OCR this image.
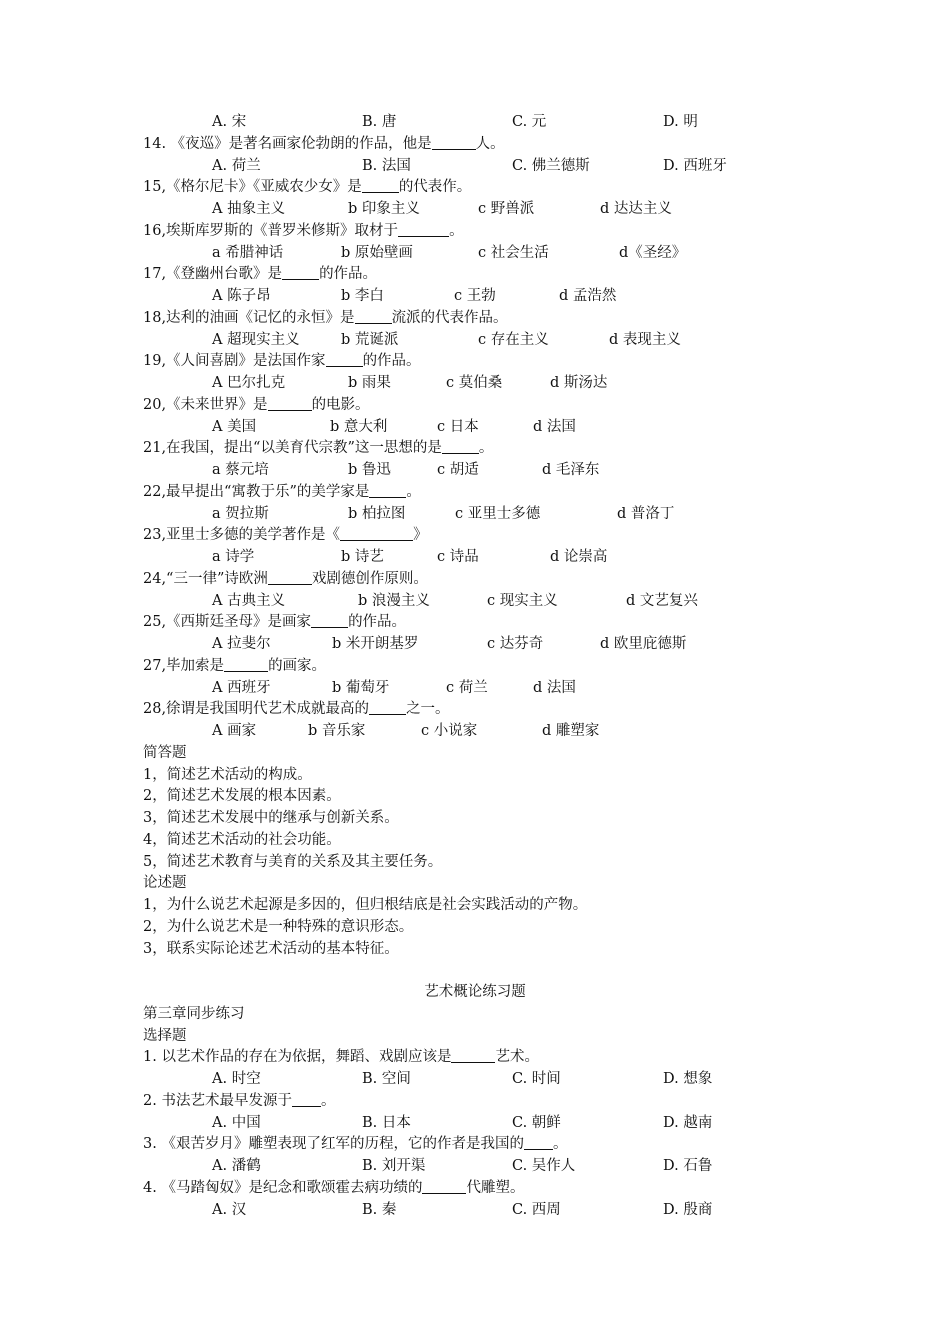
A. 宋	B. 唐	C. 元	D. 明
14. 《夜巡》是著名画家伦勃朗的作品，他是	人。
A. 荷兰	B. 法国	C. 佛兰德斯	D. 西班牙
15,《格尔尼卡》《亚威农少女》是	的代表作。
A 抽象主义	b 印象主义	c 野兽派	d 达达主义
16,埃斯库罗斯的《普罗米修斯》取材于	。
a 希腊神话	b 原始壁画	c 社会生活	d《圣经》
17,《登幽州台歌》是	的作品。
A 陈子昂	b 李白	c 王勃	d 孟浩然
18,达利的油画《记忆的永恒》是	流派的代表作品。
A 超现实主义	b 荒诞派	c 存在主义	d 表现主义
19,《人间喜剧》是法国作家	的作品。
A 巴尔扎克	b 雨果	c 莫伯桑	d 斯汤达
20,《未来世界》是	的电影。
A 美国	b 意大利	c 日本	d 法国
21,在我国，提出“以美育代宗教”这一思想的是	。
a 蔡元培	b 鲁迅	c 胡适	d 毛泽东
22,最早提出“寓教于乐”的美学家是	。
a 贺拉斯	b 柏拉图	c 亚里士多德	d 普洛丁
23,亚里士多德的美学著作是《	》
a 诗学	b 诗艺	c 诗品	d 论崇高
24,“三一律”诗欧洲	戏剧德创作原则。
A 古典主义	b 浪漫主义	c 现实主义	d 文艺复兴
25,《西斯廷圣母》是画家	的作品。
A 拉斐尔	b 米开朗基罗	c 达芬奇	d 欧里庇德斯
27,毕加索是	的画家。
A 西班牙	b 葡萄牙	c 荷兰	d 法国
28,徐谓是我国明代艺术成就最高的	之一。
A 画家	b 音乐家	c 小说家	d 雕塑家
简答题
1，简述艺术活动的构成。
2，简述艺术发展的根本因素。
3，简述艺术发展中的继承与创新关系。
4，简述艺术活动的社会功能。
5，简述艺术教育与美育的关系及其主要任务。
论述题
1，为什么说艺术起源是多因的，但归根结底是社会实践活动的产物。
2，为什么说艺术是一种特殊的意识形态。
3，联系实际论述艺术活动的基本特征。
艺术概论练习题
第三章同步练习
选择题
1. 以艺术作品的存在为依据，舞蹈、戏剧应该是	艺术。
A. 时空	B. 空间	C. 时间	D. 想象
2. 书法艺术最早发源于 。
A. 中国	B. 日本	C. 朝鲜	D. 越南
3. 《艰苦岁月》雕塑表现了红军的历程，它的作者是我国的 。
A. 潘鹤	B. 刘开渠	C. 吴作人	D. 石鲁
4. 《马踏匈奴》是纪念和歌颂霍去病功绩的	代雕塑。
A. 汉	B. 秦	C. 西周	D. 殷商
